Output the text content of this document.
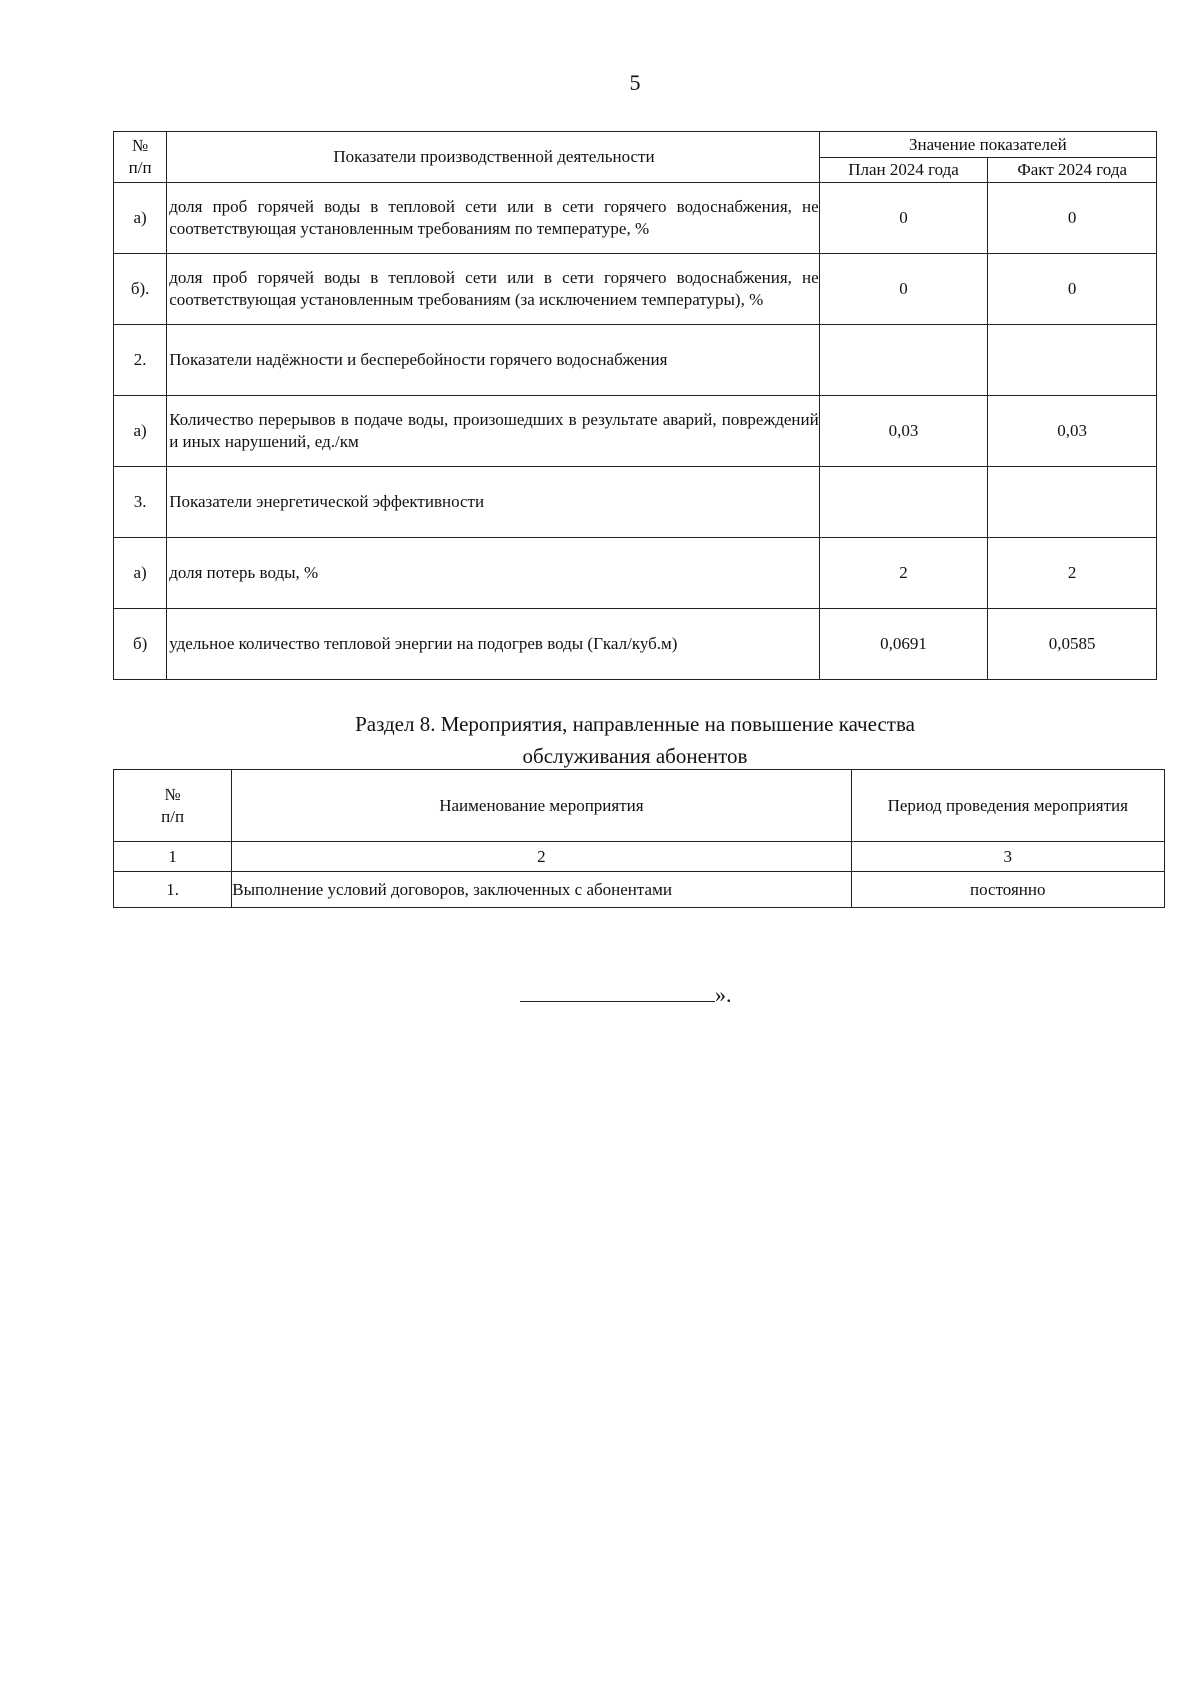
5
№
п/п	Показатели производственной деятельности	Значение показателей	
		План 2024 года	Факт 2024 года
а)	доля проб горячей воды в тепловой сети или в сети горячего водоснабжения, не соответствующая установленным требованиям по температуре, %	0	0
б).	доля проб горячей воды в тепловой сети или в сети горячего водоснабжения, не соответствующая установленным требованиям (за исключением температуры), %	0	0
2.	Показатели надёжности и бесперебойности горячего водоснабжения		
а)	Количество перерывов в подаче воды, произошедших в результате аварий, повреждений и иных нарушений, ед./км	0,03	0,03
3.	Показатели энергетической эффективности		
а)	доля потерь воды, %	2	2
б)	удельное количество тепловой энергии на подогрев воды (Гкал/куб.м)	0,0691	0,0585
Раздел 8. Мероприятия, направленные на повышение качества
обслуживания абонентов
№
п/п	Наименование мероприятия	Период проведения мероприятия
1	2	3
1.	Выполнение условий договоров, заключенных с абонентами	постоянно
».
